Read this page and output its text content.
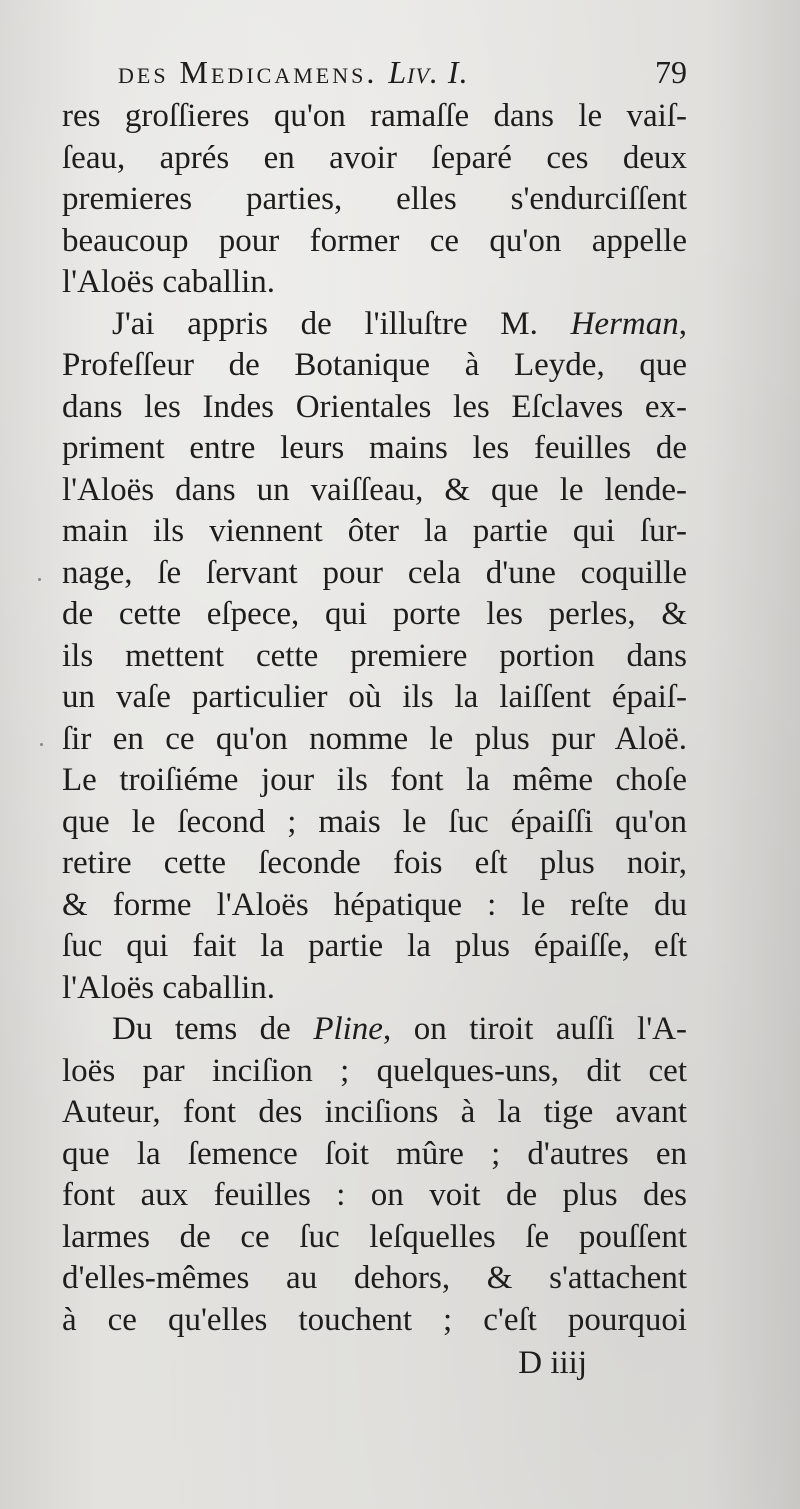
des Medicamens. Liv. I.	79
res groſſieres qu'on ramaſſe dans le vaiſ-
ſeau, aprés en avoir ſeparé ces deux
premieres parties, elles s'endurciſſent
beaucoup pour former ce qu'on appelle
l'Aloës caballin.
J'ai appris de l'illuſtre M. Herman,
Profeſſeur de Botanique à Leyde, que
dans les Indes Orientales les Eſclaves ex-
priment entre leurs mains les feuilles de
l'Aloës dans un vaiſſeau, & que le lende-
main ils viennent ôter la partie qui ſur-
nage, ſe ſervant pour cela d'une coquille
de cette eſpece, qui porte les perles, &
ils mettent cette premiere portion dans
un vaſe particulier où ils la laiſſent épaiſ-
ſir en ce qu'on nomme le plus pur Aloë.
Le troiſiéme jour ils font la même choſe
que le ſecond ; mais le ſuc épaiſſi qu'on
retire cette ſeconde fois eſt plus noir,
& forme l'Aloës hépatique : le reſte du
ſuc qui fait la partie la plus épaiſſe, eſt
l'Aloës caballin.
Du tems de Pline, on tiroit auſſi l'A-
loës par inciſion ; quelques-uns, dit cet
Auteur, font des inciſions à la tige avant
que la ſemence ſoit mûre ; d'autres en
font aux feuilles : on voit de plus des
larmes de ce ſuc leſquelles ſe pouſſent
d'elles-mêmes au dehors, & s'attachent
à ce qu'elles touchent ; c'eſt pourquoi
D iiij
